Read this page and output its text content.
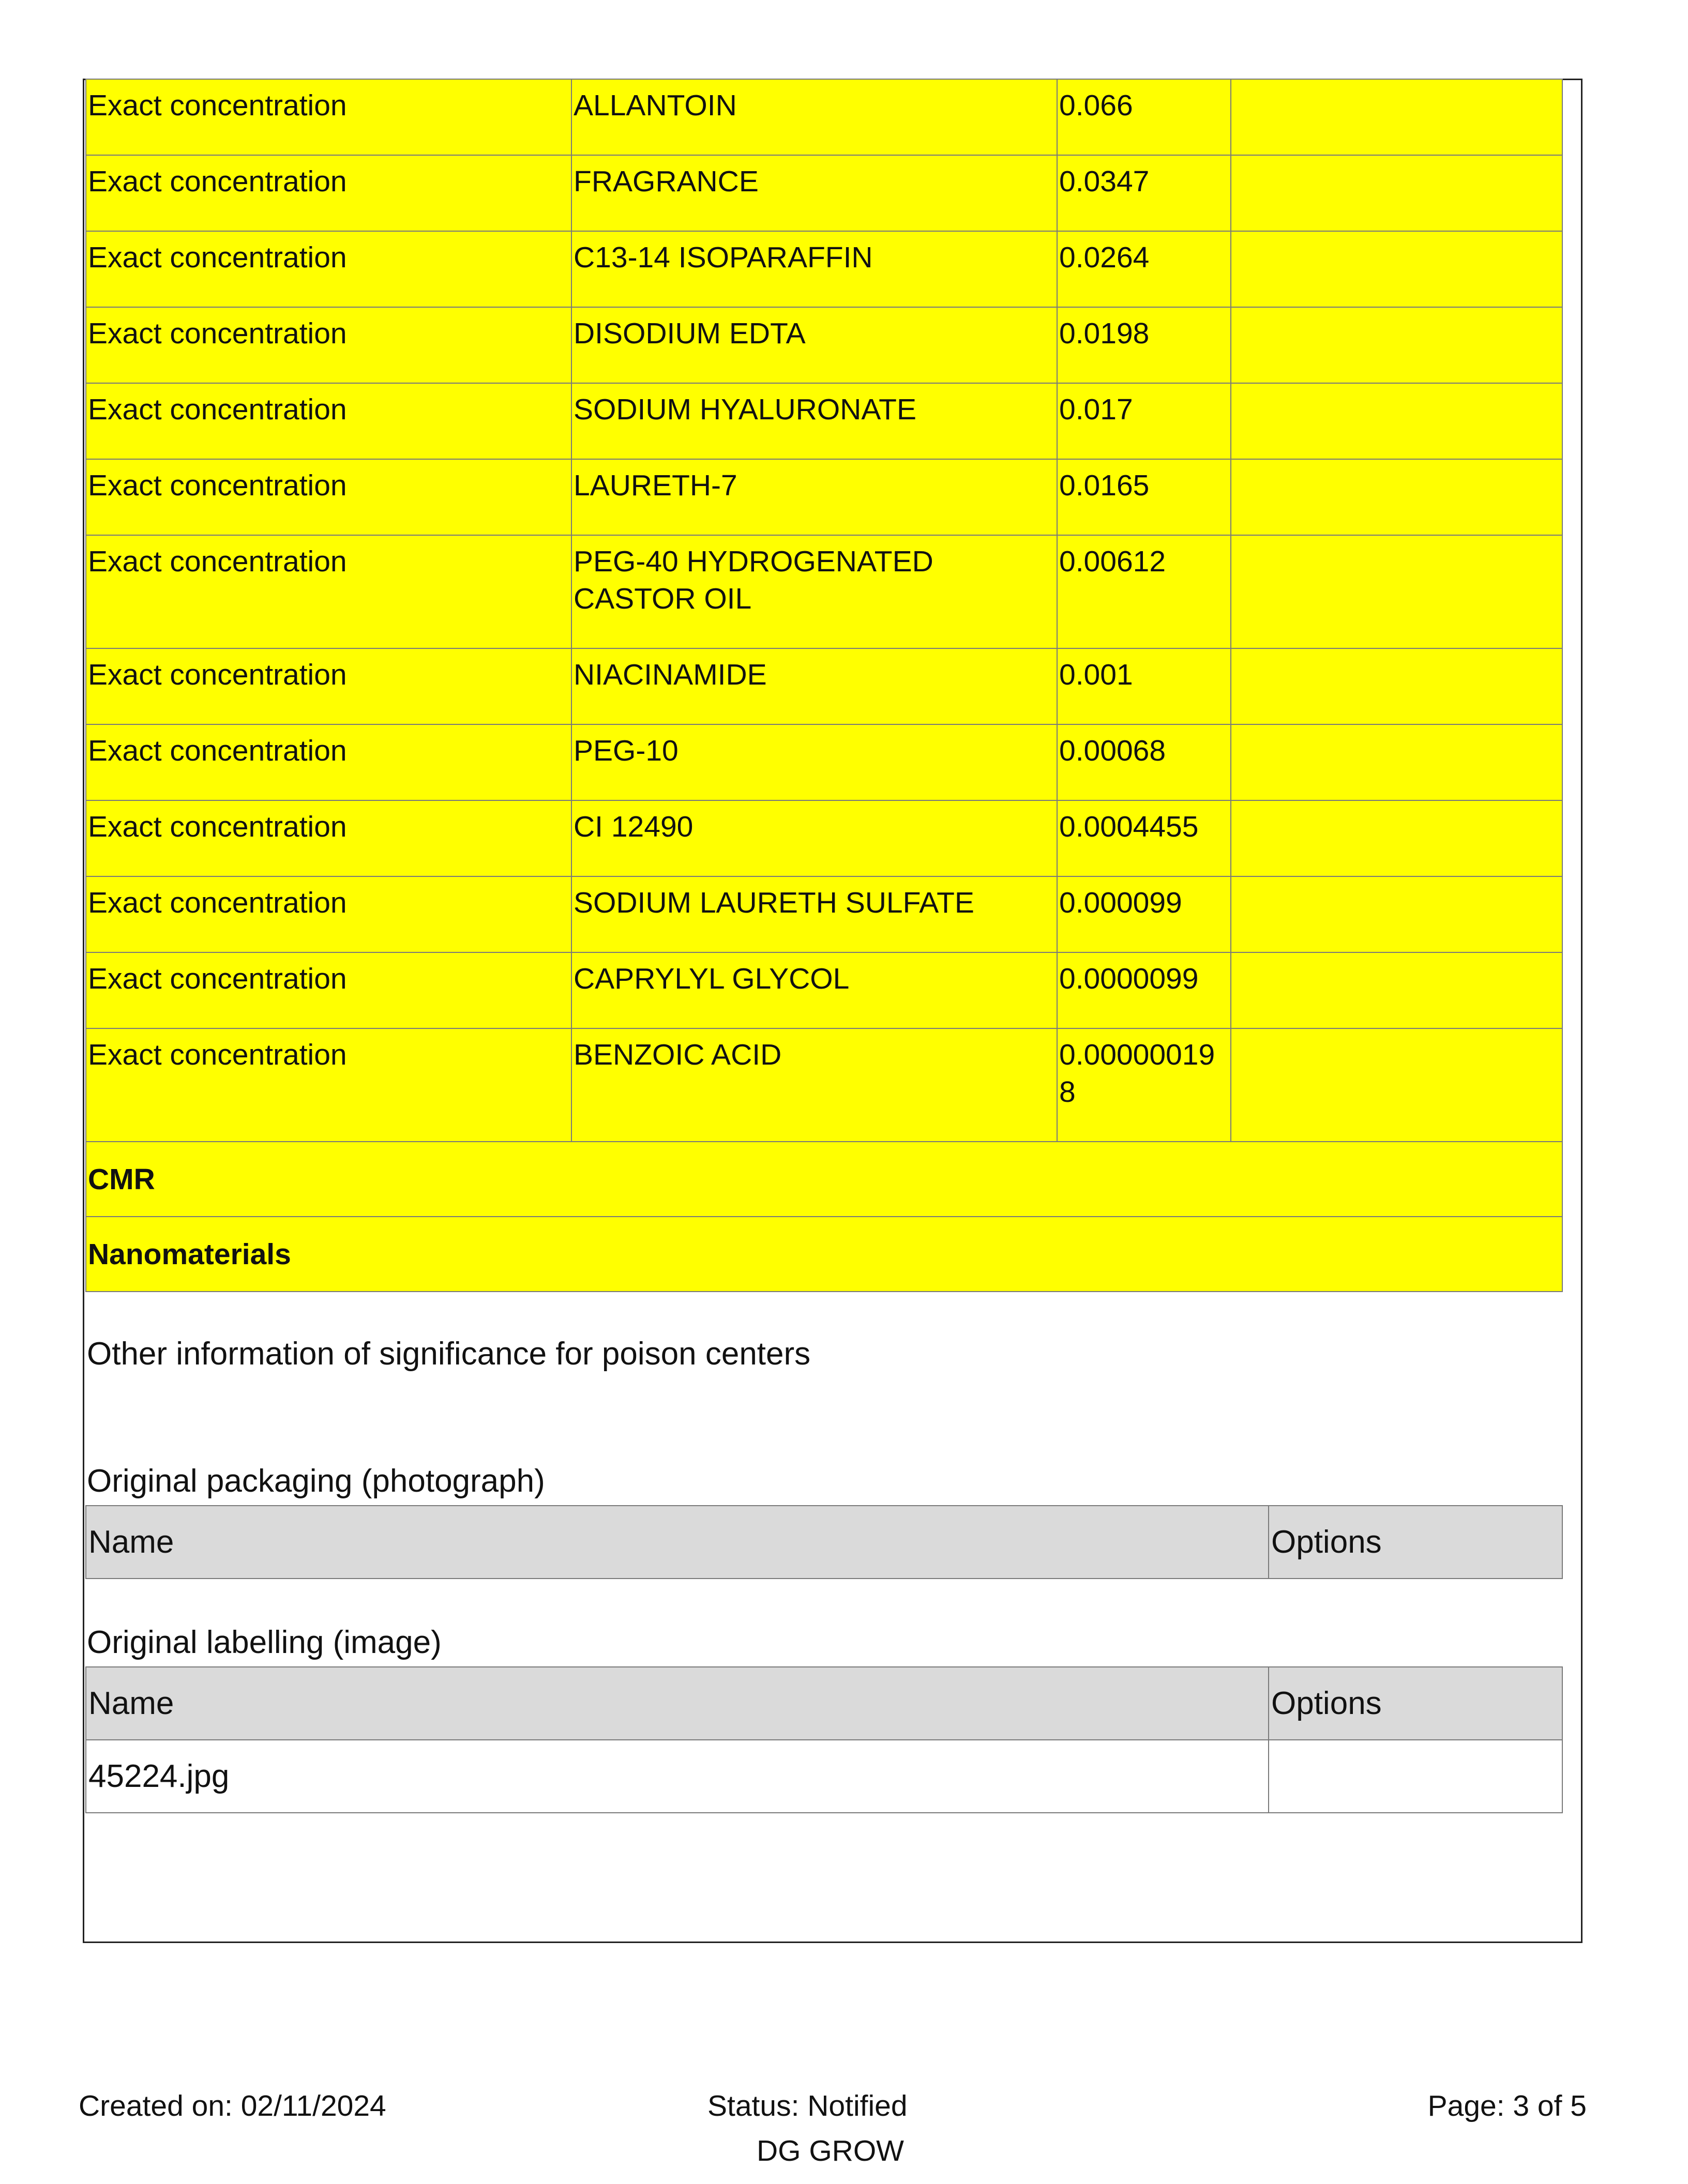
Exact concentration	ALLANTOIN	0.066	
Exact concentration	FRAGRANCE	0.0347	
Exact concentration	C13-14 ISOPARAFFIN	0.0264	
Exact concentration	DISODIUM EDTA	0.0198	
Exact concentration	SODIUM HYALURONATE	0.017	
Exact concentration	LAURETH-7	0.0165	
Exact concentration	PEG-40 HYDROGENATED CASTOR OIL	0.00612	
Exact concentration	NIACINAMIDE	0.001	
Exact concentration	PEG-10	0.00068	
Exact concentration	CI 12490	0.0004455	
Exact concentration	SODIUM LAURETH SULFATE	0.000099	
Exact concentration	CAPRYLYL GLYCOL	0.0000099	
Exact concentration	BENZOIC ACID	0.000000198	
CMR			
Nanomaterials			
Other information of significance for poison centers
Original packaging (photograph)
Name	Options
Original labelling (image)
Name	Options
45224.jpg	
Created on: 02/11/2024	Status: Notified
DG GROW
Page: 3 of 5
